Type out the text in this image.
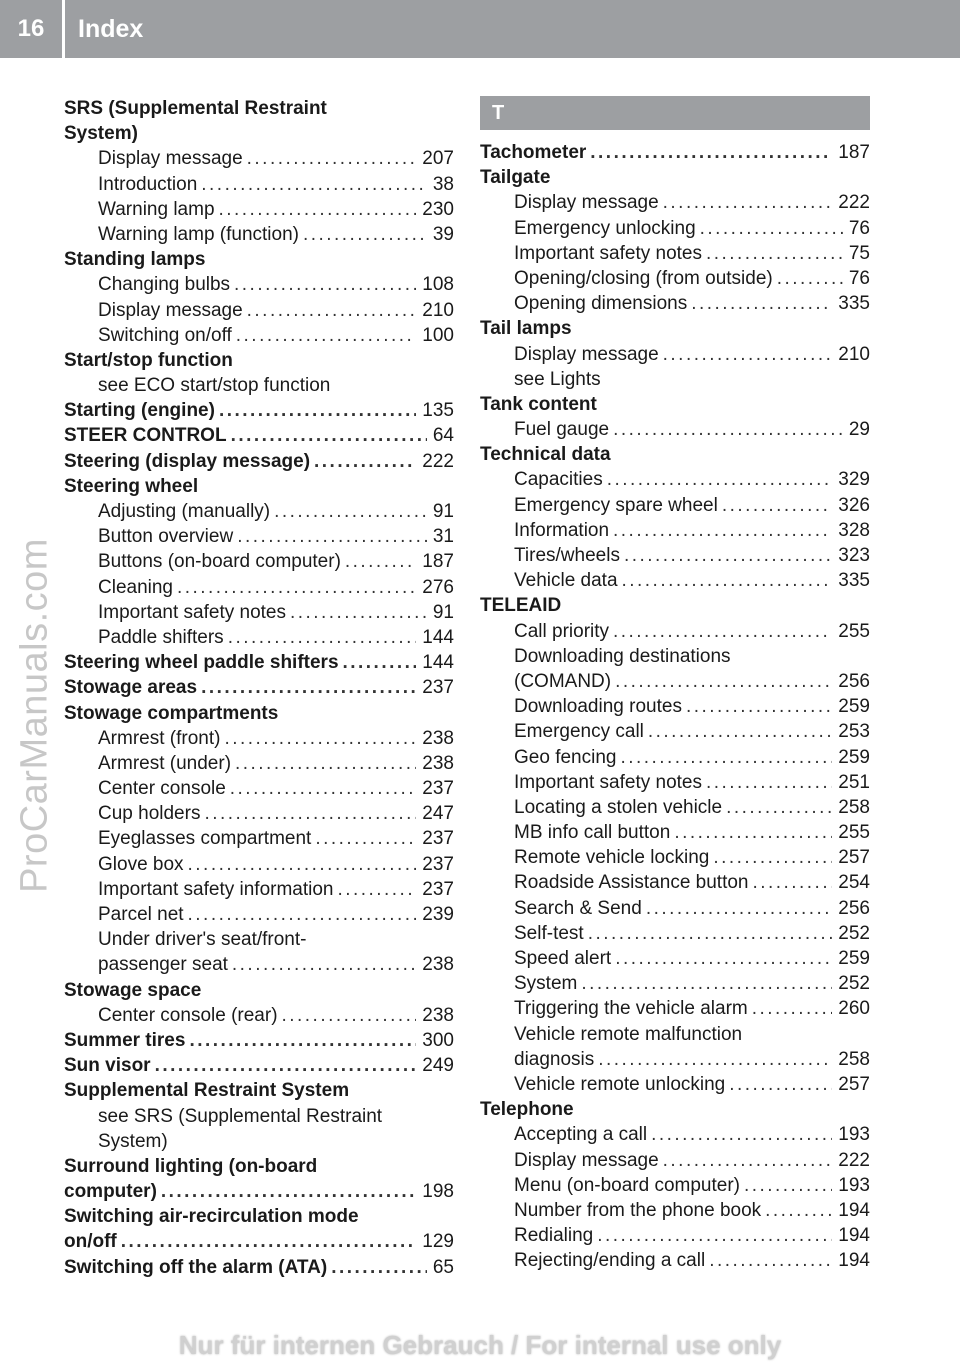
16	Index
SRS (Supplemental Restraint
System)
Display message . . .	207
Introduction . . .	38
Warning lamp . . .	230
Warning lamp (function) . . .	39
Standing lamps
Changing bulbs . . .	108
Display message . . .	210
Switching on/off . . .	100
Start/stop function
see ECO start/stop function
Starting (engine) . . .	135
STEER CONTROL . . .	64
Steering (display message) . . .	222
Steering wheel
Adjusting (manually) . . .	91
Button overview . . .	31
Buttons (on-board computer) . . .	187
Cleaning . . .	276
Important safety notes . . .	91
Paddle shifters . . .	144
Steering wheel paddle shifters . . .	144
Stowage areas . . .	237
Stowage compartments
Armrest (front) . . .	238
Armrest (under) . . .	238
Center console . . .	237
Cup holders . . .	247
Eyeglasses compartment . . .	237
Glove box . . .	237
Important safety information . . .	237
Parcel net . . .	239
Under driver's seat/front-
passenger seat . . .	238
Stowage space
Center console (rear) . . .	238
Summer tires . . .	300
Sun visor . . .	249
Supplemental Restraint System
see SRS (Supplemental Restraint
System)
Surround lighting (on-board
computer) . . .	198
Switching air-recirculation mode
on/off . . .	129
Switching off the alarm (ATA) . . .	65
T
Tachometer . . .	187
Tailgate
Display message . . .	222
Emergency unlocking . . .	76
Important safety notes . . .	75
Opening/closing (from outside) . . .	76
Opening dimensions . . .	335
Tail lamps
Display message . . .	210
see Lights
Tank content
Fuel gauge . . .	29
Technical data
Capacities . . .	329
Emergency spare wheel . . .	326
Information . . .	328
Tires/wheels . . .	323
Vehicle data . . .	335
TELEAID
Call priority . . .	255
Downloading destinations
(COMAND) . . .	256
Downloading routes . . .	259
Emergency call . . .	253
Geo fencing . . .	259
Important safety notes . . .	251
Locating a stolen vehicle . . .	258
MB info call button . . .	255
Remote vehicle locking . . .	257
Roadside Assistance button . . .	254
Search & Send . . .	256
Self-test . . .	252
Speed alert . . .	259
System . . .	252
Triggering the vehicle alarm . . .	260
Vehicle remote malfunction
diagnosis . . .	258
Vehicle remote unlocking . . .	257
Telephone
Accepting a call . . .	193
Display message . . .	222
Menu (on-board computer) . . .	193
Number from the phone book . . .	194
Redialing . . .	194
Rejecting/ending a call . . .	194
ProCarManuals.com
Nur für internen Gebrauch / For internal use only
